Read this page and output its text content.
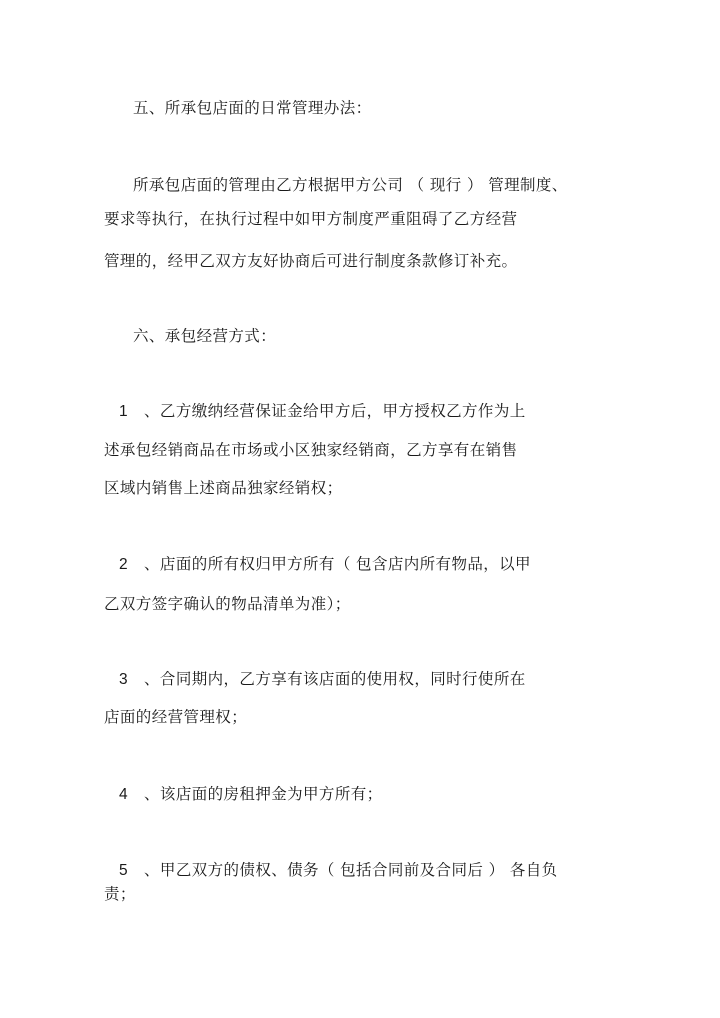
五、所承包店面的日常管理办法：
所承包店面的管理由乙方根据甲方公司 （ 现行 ） 管理制度、
要求等执行，在执行过程中如甲方制度严重阻碍了乙方经营
管理的，经甲乙双方友好协商后可进行制度条款修订补充。
六、承包经营方式：
1 、乙方缴纳经营保证金给甲方后，甲方授权乙方作为上
述承包经销商品在市场或小区独家经销商，乙方享有在销售
区域内销售上述商品独家经销权；
2 、店面的所有权归甲方所有（ 包含店内所有物品，以甲
乙双方签字确认的物品清单为准）；
3 、合同期内，乙方享有该店面的使用权，同时行使所在
店面的经营管理权；
4 、该店面的房租押金为甲方所有；
5 、甲乙双方的债权、债务（ 包括合同前及合同后 ） 各自负
责；
